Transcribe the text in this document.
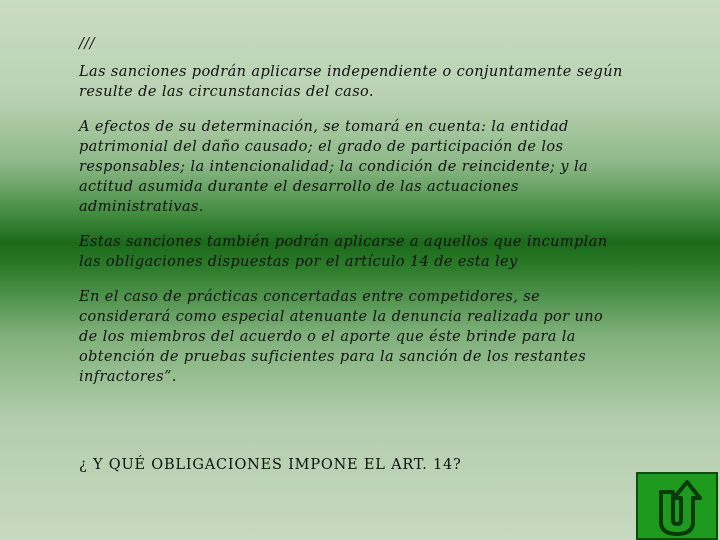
///

Las sanciones podrán aplicarse independiente o conjuntamente según resulte de las circunstancias del caso.

A efectos de su determinación, se tomará en cuenta: la entidad patrimonial del daño causado; el grado de participación de los responsables; la intencionalidad; la condición de reincidente; y la actitud asumida durante el desarrollo de las actuaciones administrativas.

Estas sanciones también podrán aplicarse a aquellos que incumplan las obligaciones dispuestas por el artículo 14 de esta ley

En el caso de prácticas concertadas entre competidores, se considerará como especial atenuante la denuncia realizada por uno de los miembros del acuerdo o el aporte que éste brinde para la obtención de pruebas suficientes para la sanción de los restantes infractores”.

¿ Y QUÉ OBLIGACIONES IMPONE EL ART. 14?
